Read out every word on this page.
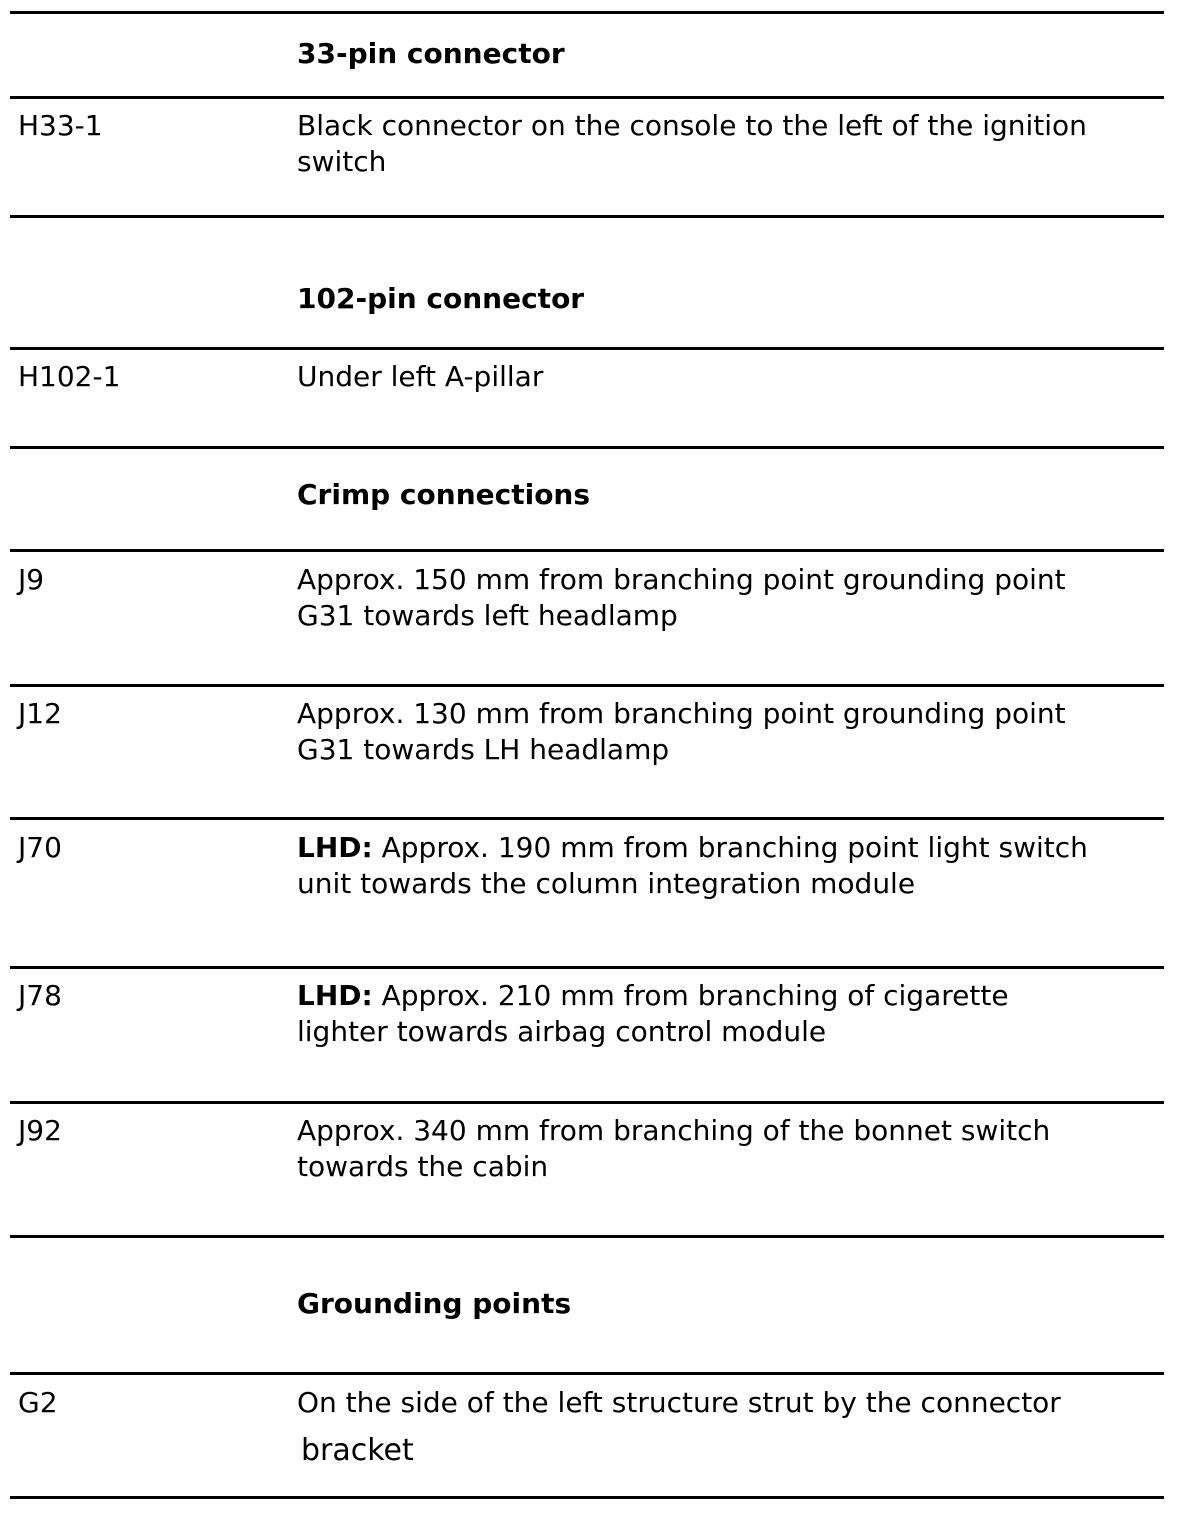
33-pin connector
H33-1	Black connector on the console to the left of the ignition
switch
102-pin connector
H102-1	Under left A-pillar
Crimp connections
J9	Approx. 150 mm from branching point grounding point
G31 towards left headlamp
J12	Approx. 130 mm from branching point grounding point
G31 towards LH headlamp
J70	LHD: Approx. 190 mm from branching point light switch
unit towards the column integration module
J78	LHD: Approx. 210 mm from branching of cigarette
lighter towards airbag control module
J92	Approx. 340 mm from branching of the bonnet switch
towards the cabin
Grounding points
G2	On the side of the left structure strut by the connector
bracket
